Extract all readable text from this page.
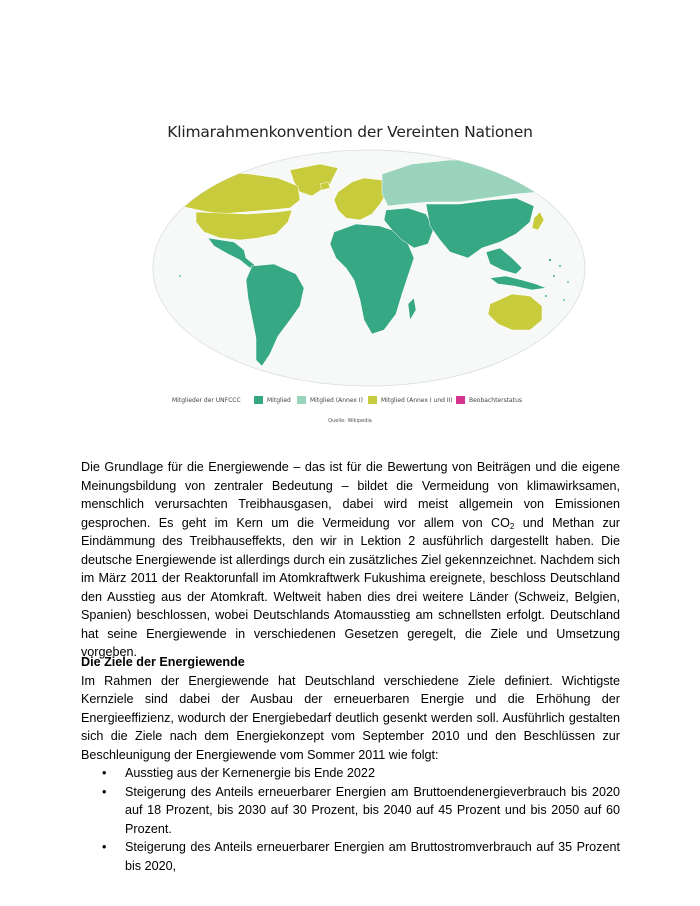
Klimarahmenkonvention der Vereinten Nationen
Mitglieder der UNFCCC	Mitglied	Mitglied (Annex I)	Mitglied (Annex I und II)	Beobachterstatus
Quelle: Wikipedia

Die Grundlage für die Energiewende – das ist für die Bewertung von Beiträgen und die eigene Meinungsbildung von zentraler Bedeutung – bildet die Vermeidung von klimawirksamen, menschlich verursachten Treibhausgasen, dabei wird meist allgemein von Emissionen gesprochen. Es geht im Kern um die Vermeidung vor allem von $CO_2$ und Methan zur Eindämmung des Treibhauseffekts, den wir in Lektion 2 ausführlich dargestellt haben. Die deutsche Energiewende ist allerdings durch ein zusätzliches Ziel gekennzeichnet. Nachdem sich im März 2011 der Reaktorunfall im Atomkraftwerk Fukushima ereignete, beschloss Deutschland den Ausstieg aus der Atomkraft. Weltweit haben dies drei weitere Länder (Schweiz, Belgien, Spanien) beschlossen, wobei Deutschlands Atomausstieg am schnellsten erfolgt. Deutschland hat seine Energiewende in verschiedenen Gesetzen geregelt, die Ziele und Umsetzung vorgeben.

Die Ziele der Energiewende

Im Rahmen der Energiewende hat Deutschland verschiedene Ziele definiert. Wichtigste Kernziele sind dabei der Ausbau der erneuerbaren Energie und die Erhöhung der Energieeffizienz, wodurch der Energiebedarf deutlich gesenkt werden soll. Ausführlich gestalten sich die Ziele nach dem Energiekonzept vom September 2010 und den Beschlüssen zur Beschleunigung der Energiewende vom Sommer 2011 wie folgt:

• Ausstieg aus der Kernenergie bis Ende 2022
• Steigerung des Anteils erneuerbarer Energien am Bruttoendenergieverbrauch bis 2020 auf 18 Prozent, bis 2030 auf 30 Prozent, bis 2040 auf 45 Prozent und bis 2050 auf 60 Prozent.
• Steigerung des Anteils erneuerbarer Energien am Bruttostromverbrauch auf 35 Prozent bis 2020,
